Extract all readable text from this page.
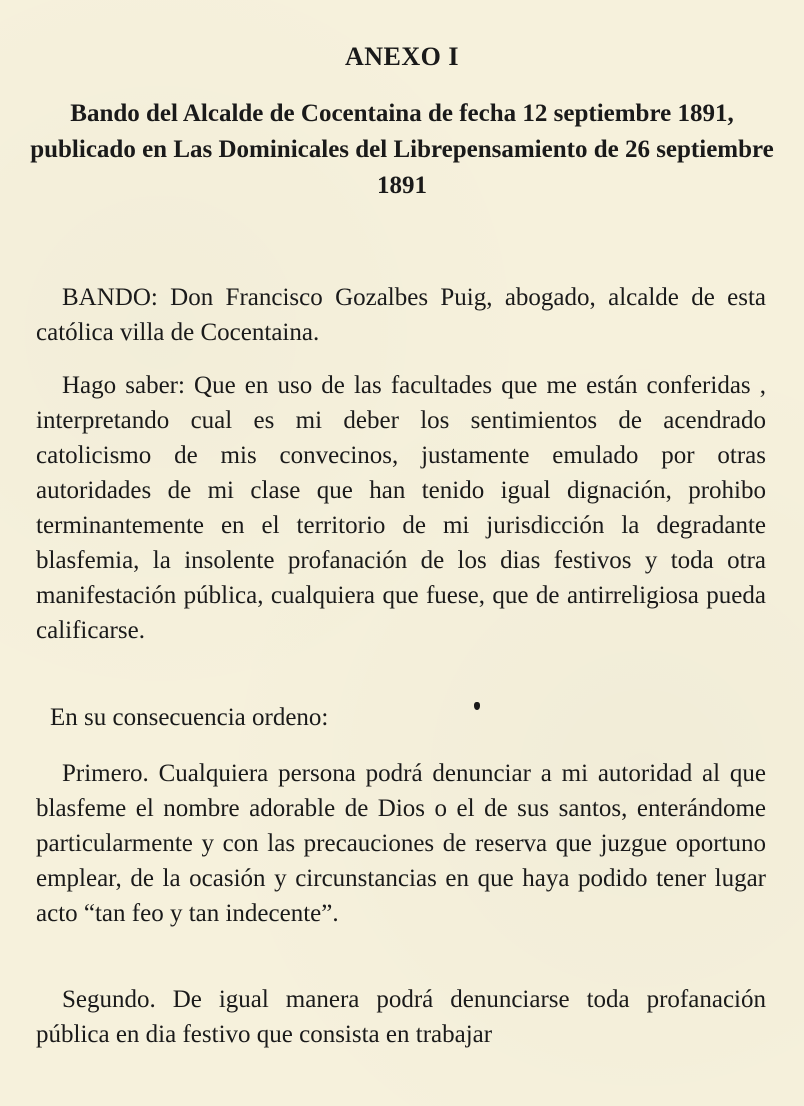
ANEXO I
Bando del Alcalde de Cocentaina de fecha 12 septiembre 1891, publicado en Las Dominicales del Librepensamiento de 26 septiembre 1891

BANDO: Don Francisco Gozalbes Puig, abogado, alcalde de esta católica villa de Cocentaina.

Hago saber: Que en uso de las facultades que me están conferidas , interpretando cual es mi deber los sentimientos de acendrado catolicismo de mis convecinos, justamente emulado por otras autoridades de mi clase que han tenido igual dignación, prohibo terminantemente en el territorio de mi jurisdicción la degradante blasfemia, la insolente profanación de los dias festivos y toda otra manifestación pública, cualquiera que fuese, que de antirreligiosa pueda calificarse.

En su consecuencia ordeno:

Primero. Cualquiera persona podrá denunciar a mi autoridad al que blasfeme el nombre adorable de Dios o el de sus santos, enterándome particularmente y con las precauciones de reserva que juzgue oportuno emplear, de la ocasión y circunstancias en que haya podido tener lugar acto “tan feo y tan indecente”.

Segundo. De igual manera podrá denunciarse toda profanación pública en dia festivo que consista en trabajar
